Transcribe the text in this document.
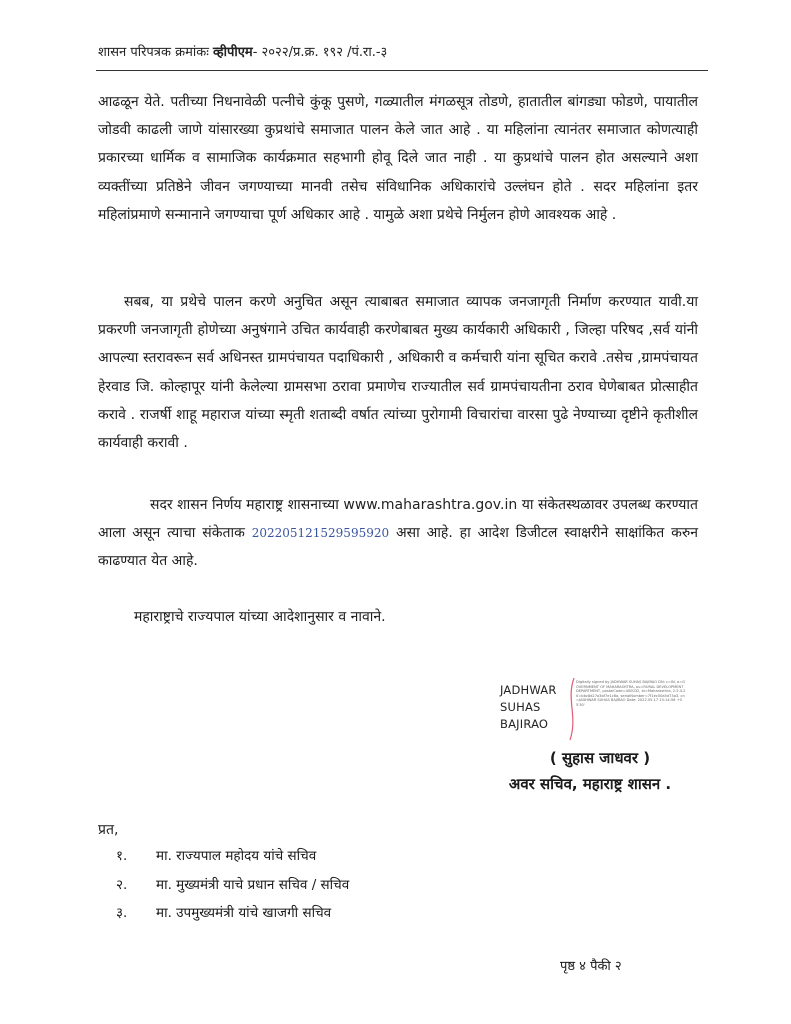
शासन परिपत्रक क्रमांकः व्हीपीएम- २०२२/प्र.क्र. १९२ /पं.रा.-३

आढळून येते. पतीच्या निधनावेळी पत्नीचे कुंकू पुसणे, गळ्यातील मंगळसूत्र तोडणे, हातातील बांगड्या फोडणे, पायातील जोडवी काढली जाणे यांसारख्या कुप्रथांचे समाजात पालन केले जात आहे . या महिलांना त्यानंतर समाजात कोणत्याही प्रकारच्या धार्मिक व सामाजिक कार्यक्रमात सहभागी होवू दिले जात नाही . या कुप्रथांचे पालन होत असल्याने अशा व्यक्तींच्या प्रतिष्ठेने जीवन जगण्याच्या मानवी तसेच संविधानिक अधिकारांचे उल्लंघन होते . सदर महिलांना इतर महिलांप्रमाणे सन्मानाने जगण्याचा पूर्ण अधिकार आहे . यामुळे अशा प्रथेचे निर्मुलन होणे आवश्यक आहे .

सबब, या प्रथेचे पालन करणे अनुचित असून त्याबाबत समाजात व्यापक जनजागृती निर्माण करण्यात यावी.या प्रकरणी जनजागृती होणेच्या अनुषंगाने उचित कार्यवाही करणेबाबत मुख्य कार्यकारी अधिकारी , जिल्हा परिषद ,सर्व यांनी आपल्या स्तरावरून सर्व अधिनस्त ग्रामपंचायत पदाधिकारी , अधिकारी व कर्मचारी यांना सूचित करावे .तसेच ,ग्रामपंचायत हेरवाड जि. कोल्हापूर यांनी केलेल्या ग्रामसभा ठरावा प्रमाणेच राज्यातील सर्व ग्रामपंचायतीना ठराव घेणेबाबत प्रोत्साहीत करावे . राजर्षी शाहू महाराज यांच्या स्मृती शताब्दी वर्षात त्यांच्या पुरोगामी विचारांचा वारसा पुढे नेण्याच्या दृष्टीने कृतीशील कार्यवाही करावी .

सदर शासन निर्णय महाराष्ट्र शासनाच्या www.maharashtra.gov.in या संकेतस्थळावर उपलब्ध करण्यात आला असून त्याचा संकेताक 202205121529595920 असा आहे. हा आदेश डिजीटल स्वाक्षरीने साक्षांकित करुन काढण्यात येत आहे.

महाराष्ट्राचे राज्यपाल यांच्या आदेशानुसार व नावाने.

JADHWAR
SUHAS
BAJIRAO
Digitally signed by JADHWAR SUHAS BAJIRAO DN: c=IN, o=GOVERNMENT OF MAHARASHTRA, ou=RURAL DEVELOPMENT DEPARTMENT, postalCode=400032, st=Maharashtra, 2.5.4.20=bbc8d27a3bf7e1c8a, serialNumber=7f1ec00a5d73a3, cn=JADHWAR SUHAS BAJIRAO Date: 2022.05.17 15:14:56 +05'30'
( सुहास जाधवर )
अवर सचिव, महाराष्ट्र शासन .
प्रत,
१. मा. राज्यपाल महोदय यांचे सचिव
२. मा. मुख्यमंत्री याचे प्रधान सचिव / सचिव
३. मा. उपमुख्यमंत्री यांचे खाजगी सचिव
पृष्ठ ४ पैकी २
